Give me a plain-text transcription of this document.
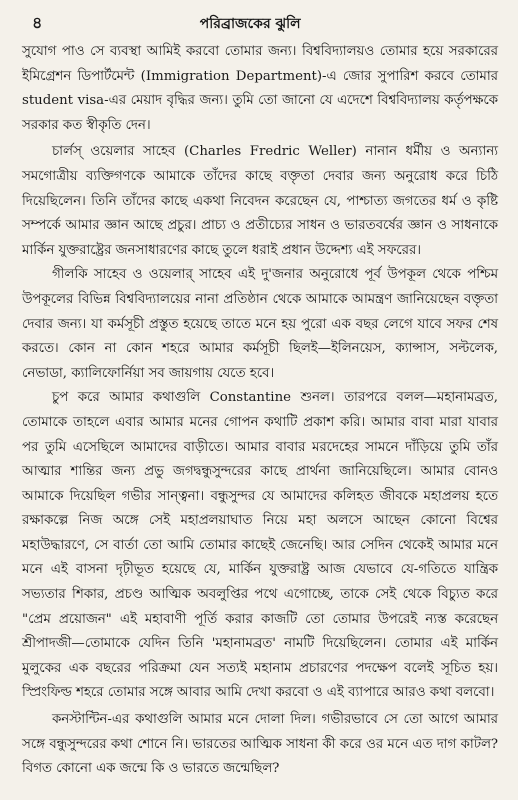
৪	পরিব্রাজকের ঝুলি

সুযোগ পাও সে ব্যবস্থা আমিই করবো তোমার জন্য। বিশ্ববিদ্যালয়ও তোমার হয়ে সরকারের ইমিগ্রেশন ডিপার্টমেন্ট (Immigration Department)-এ জোর সুপারিশ করবে তোমার student visa-এর মেয়াদ বৃদ্ধির জন্য। তুমি তো জানো যে এদেশে বিশ্ববিদ্যালয় কর্তৃপক্ষকে সরকার কত স্বীকৃতি দেন।

চার্লস্ ওয়েলার সাহেব (Charles Fredric Weller) নানান ধর্মীয় ও অন্যান্য সমগোত্রীয় ব্যক্তিগণকে আমাকে তাঁদের কাছে বক্তৃতা দেবার জন্য অনুরোধ করে চিঠি দিয়েছিলেন। তিনি তাঁদের কাছে একথা নিবেদন করেছেন যে, পাশ্চাত্য জগতের ধর্ম ও কৃষ্টি সম্পর্কে আমার জ্ঞান আছে প্রচুর। প্রাচ্য ও প্রতীচ্যের সাধন ও ভারতবর্ষের জ্ঞান ও সাধনাকে মার্কিন যুক্তরাষ্ট্রের জনসাধারণের কাছে তুলে ধরাই প্রধান উদ্দেশ্য এই সফরের।

গীলকি সাহেব ও ওয়েলার্ সাহেব এই দু'জনার অনুরোধে পূর্ব উপকূল থেকে পশ্চিম উপকূলের বিভিন্ন বিশ্ববিদ্যালয়ের নানা প্রতিষ্ঠান থেকে আমাকে আমন্ত্রণ জানিয়েছেন বক্তৃতা দেবার জন্য। যা কর্মসূচী প্রস্তুত হয়েছে তাতে মনে হয় পুরো এক বছর লেগে যাবে সফর শেষ করতে। কোন না কোন শহরে আমার কর্মসূচী ছিলই—ইলিনয়েস, ক্যান্সাস, সল্টলেক, নেভাডা, ক্যালিফোর্নিয়া সব জায়গায় যেতে হবে।

চুপ করে আমার কথাগুলি Constantine শুনল। তারপরে বলল—মহানামব্রত, তোমাকে তাহলে এবার আমার মনের গোপন কথাটি প্রকাশ করি। আমার বাবা মারা যাবার পর তুমি এসেছিলে আমাদের বাড়ীতে। আমার বাবার মরদেহের সামনে দাঁড়িয়ে তুমি তাঁর আত্মার শান্তির জন্য প্রভু জগদ্বন্ধুসুন্দরের কাছে প্রার্থনা জানিয়েছিলে। আমার বোনও আমাকে দিয়েছিল গভীর সান্ত্বনা। বন্ধুসুন্দর যে আমাদের কলিহত জীবকে মহাপ্রলয় হতে রক্ষাকল্পে নিজ অঙ্গে সেই মহাপ্রলয়াঘাত নিয়ে মহা অলসে আছেন কোনো বিশ্বের মহাউদ্ধারণে, সে বার্তা তো আমি তোমার কাছেই জেনেছি। আর সেদিন থেকেই আমার মনে মনে এই বাসনা দৃঢ়ীভূত হয়েছে যে, মার্কিন যুক্তরাষ্ট্র আজ যেভাবে যে-গতিতে যান্ত্রিক সভ্যতার শিকার, প্রচণ্ড আত্মিক অবলুপ্তির পথে এগোচ্ছে, তাকে সেই থেকে বিচ্যুত করে "প্রেম প্রয়োজন" এই মহাবাণী পূর্তি করার কাজটি তো তোমার উপরেই ন্যস্ত করেছেন শ্রীপাদজী—তোমাকে যেদিন তিনি 'মহানামব্রত' নামটি দিয়েছিলেন। তোমার এই মার্কিন মুলুকের এক বছরের পরিক্রমা যেন সত্যই মহানাম প্রচারণের পদক্ষেপ বলেই সূচিত হয়। স্প্রিংফিল্ড শহরে তোমার সঙ্গে আবার আমি দেখা করবো ও এই ব্যাপারে আরও কথা বলবো।

কনস্টান্টিন-এর কথাগুলি আমার মনে দোলা দিল। গভীরভাবে সে তো আগে আমার সঙ্গে বন্ধুসুন্দরের কথা শোনে নি। ভারতের আত্মিক সাধনা কী করে ওর মনে এত দাগ কাটল? বিগত কোনো এক জন্মে কি ও ভারতে জন্মেছিল?
